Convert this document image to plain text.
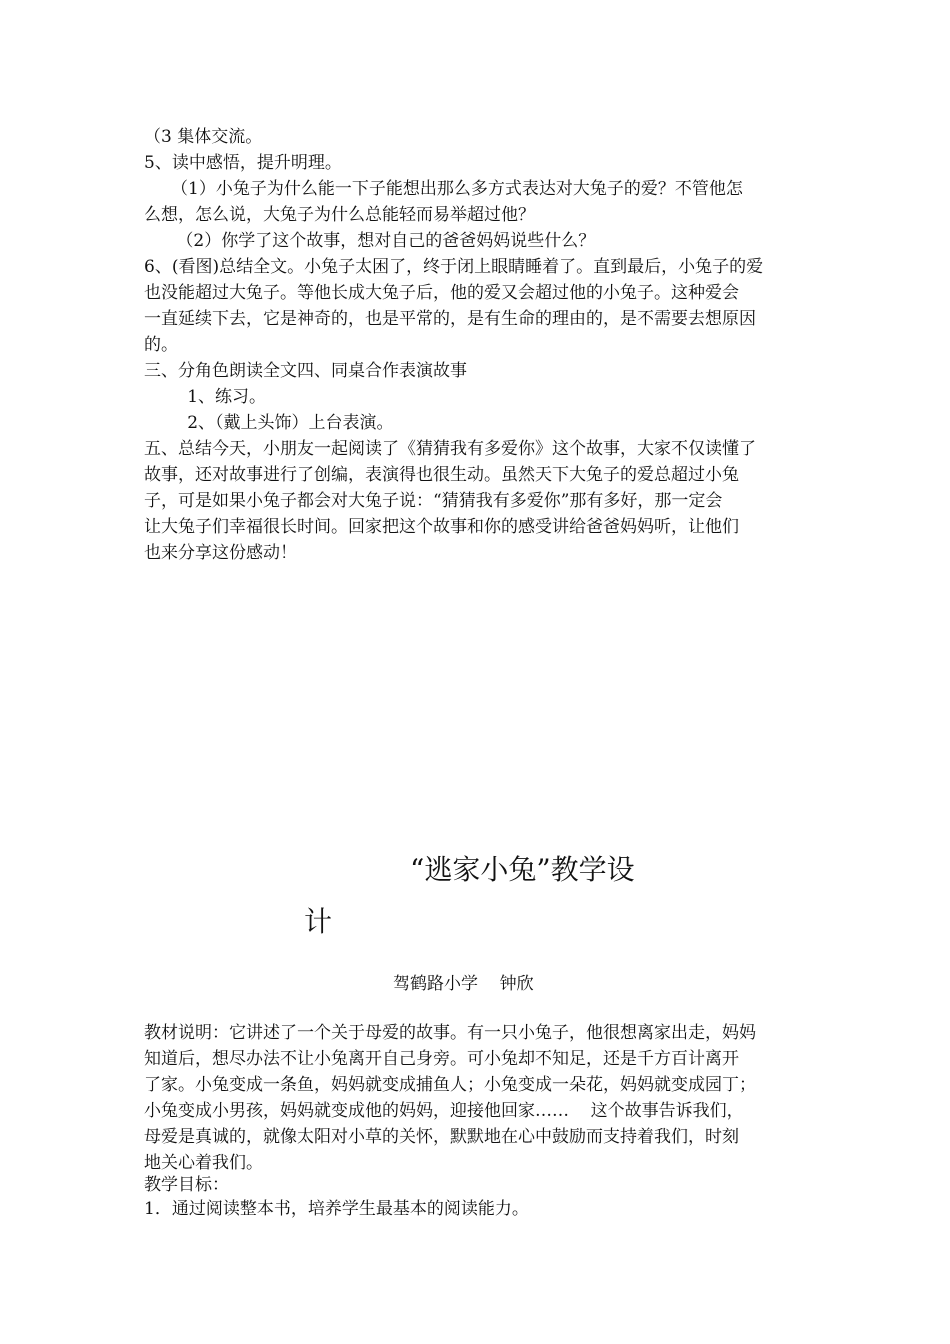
（3 集体交流。
5、读中感悟，提升明理。
（1）小兔子为什么能一下子能想出那么多方式表达对大兔子的爱？不管他怎
么想，怎么说，大兔子为什么总能轻而易举超过他？
（2）你学了这个故事，想对自己的爸爸妈妈说些什么？
6、(看图)总结全文。小兔子太困了，终于闭上眼睛睡着了。直到最后，小兔子的爱
也没能超过大兔子。等他长成大兔子后，他的爱又会超过他的小兔子。这种爱会
一直延续下去，它是神奇的，也是平常的，是有生命的理由的，是不需要去想原因
的。
三、分角色朗读全文四、同桌合作表演故事
1、练习。
2、（戴上头饰）上台表演。
五、总结今天，小朋友一起阅读了《猜猜我有多爱你》这个故事，大家不仅读懂了
故事，还对故事进行了创编，表演得也很生动。虽然天下大兔子的爱总超过小兔
子，可是如果小兔子都会对大兔子说：“猜猜我有多爱你”那有多好，那一定会
让大兔子们幸福很长时间。回家把这个故事和你的感受讲给爸爸妈妈听，让他们
也来分享这份感动！
“逃家小兔”教学设
计
驾鹤路小学    钟欣
教材说明：它讲述了一个关于母爱的故事。有一只小兔子，他很想离家出走，妈妈
知道后，想尽办法不让小兔离开自己身旁。可小兔却不知足，还是千方百计离开
了家。小兔变成一条鱼，妈妈就变成捕鱼人；小兔变成一朵花，妈妈就变成园丁；
小兔变成小男孩，妈妈就变成他的妈妈，迎接他回家……    这个故事告诉我们，
母爱是真诚的，就像太阳对小草的关怀，默默地在心中鼓励而支持着我们，时刻
地关心着我们。
教学目标：
1．通过阅读整本书，培养学生最基本的阅读能力。
